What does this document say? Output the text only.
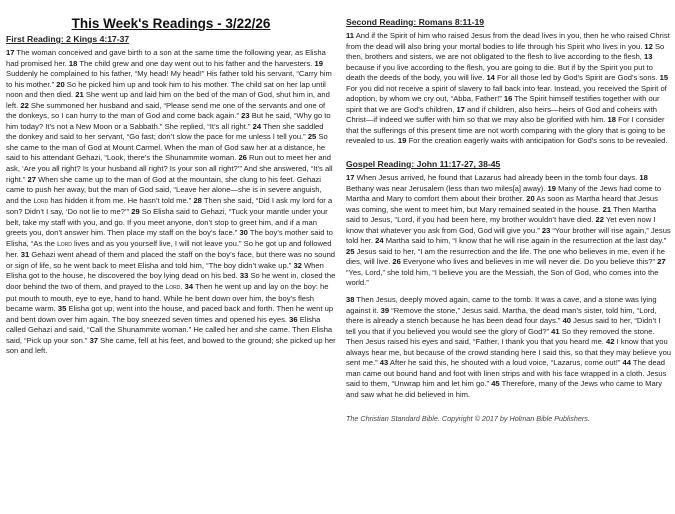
This Week's Readings - 3/22/26
First Reading: 2 Kings 4:17-37

17 The woman conceived and gave birth to a son at the same time the following year, as Elisha had promised her. 18 The child grew and one day went out to his father and the harvesters. 19 Suddenly he complained to his father, “My head! My head!” His father told his servant, “Carry him to his mother.” 20 So he picked him up and took him to his mother. The child sat on her lap until noon and then died. 21 She went up and laid him on the bed of the man of God, shut him in, and left. 22 She summoned her husband and said, “Please send me one of the servants and one of the donkeys, so I can hurry to the man of God and come back again.” 23 But he said, “Why go to him today? It’s not a New Moon or a Sabbath.” She replied, “It’s all right.” 24 Then she saddled the donkey and said to her servant, “Go fast; don’t slow the pace for me unless I tell you.” 25 So she came to the man of God at Mount Carmel. When the man of God saw her at a distance, he said to his attendant Gehazi, “Look, there’s the Shunammite woman. 26 Run out to meet her and ask, ‘Are you all right? Is your husband all right? Is your son all right?’” And she answered, “It’s all right.” 27 When she came up to the man of God at the mountain, she clung to his feet. Gehazi came to push her away, but the man of God said, “Leave her alone—she is in severe anguish, and the Lord has hidden it from me. He hasn’t told me.” 28 Then she said, “Did I ask my lord for a son? Didn’t I say, ‘Do not lie to me?’” 29 So Elisha said to Gehazi, “Tuck your mantle under your belt, take my staff with you, and go. If you meet anyone, don’t stop to greet him, and if a man greets you, don’t answer him. Then place my staff on the boy’s face.” 30 The boy’s mother said to Elisha, “As the Lord lives and as you yourself live, I will not leave you.” So he got up and followed her. 31 Gehazi went ahead of them and placed the staff on the boy’s face, but there was no sound or sign of life, so he went back to meet Elisha and told him, “The boy didn’t wake up.” 32 When Elisha got to the house, he discovered the boy lying dead on his bed. 33 So he went in, closed the door behind the two of them, and prayed to the Lord. 34 Then he went up and lay on the boy: he put mouth to mouth, eye to eye, hand to hand. While he bent down over him, the boy’s flesh became warm. 35 Elisha got up, went into the house, and paced back and forth. Then he went up and bent down over him again. The boy sneezed seven times and opened his eyes. 36 Elisha called Gehazi and said, “Call the Shunammite woman.” He called her and she came. Then Elisha said, “Pick up your son.” 37 She came, fell at his feet, and bowed to the ground; she picked up her son and left.

Second Reading: Romans 8:11-19

11 And if the Spirit of him who raised Jesus from the dead lives in you, then he who raised Christ from the dead will also bring your mortal bodies to life through his Spirit who lives in you. 12 So then, brothers and sisters, we are not obligated to the flesh to live according to the flesh, 13 because if you live according to the flesh, you are going to die. But if by the Spirit you put to death the deeds of the body, you will live. 14 For all those led by God’s Spirit are God’s sons. 15 For you did not receive a spirit of slavery to fall back into fear. Instead, you received the Spirit of adoption, by whom we cry out, “Abba, Father!” 16 The Spirit himself testifies together with our spirit that we are God’s children, 17 and if children, also heirs—heirs of God and coheirs with Christ—if indeed we suffer with him so that we may also be glorified with him. 18 For I consider that the sufferings of this present time are not worth comparing with the glory that is going to be revealed to us. 19 For the creation eagerly waits with anticipation for God’s sons to be revealed.

Gospel Reading: John 11:17-27, 38-45

17 When Jesus arrived, he found that Lazarus had already been in the tomb four days. 18 Bethany was near Jerusalem (less than two miles[a] away). 19 Many of the Jews had come to Martha and Mary to comfort them about their brother. 20 As soon as Martha heard that Jesus was coming, she went to meet him, but Mary remained seated in the house. 21 Then Martha said to Jesus, “Lord, if you had been here, my brother wouldn’t have died. 22 Yet even now I know that whatever you ask from God, God will give you.” 23 “Your brother will rise again,” Jesus told her. 24 Martha said to him, “I know that he will rise again in the resurrection at the last day.” 25 Jesus said to her, “I am the resurrection and the life. The one who believes in me, even if he dies, will live. 26 Everyone who lives and believes in me will never die. Do you believe this?” 27 “Yes, Lord,” she told him, “I believe you are the Messiah, the Son of God, who comes into the world.”

38 Then Jesus, deeply moved again, came to the tomb. It was a cave, and a stone was lying against it. 39 “Remove the stone,” Jesus said. Martha, the dead man’s sister, told him, “Lord, there is already a stench because he has been dead four days.” 40 Jesus said to her, “Didn’t I tell you that if you believed you would see the glory of God?” 41 So they removed the stone. Then Jesus raised his eyes and said, “Father, I thank you that you heard me. 42 I know that you always hear me, but because of the crowd standing here I said this, so that they may believe you sent me.” 43 After he said this, he shouted with a loud voice, “Lazarus, come out!” 44 The dead man came out bound hand and foot with linen strips and with his face wrapped in a cloth. Jesus said to them, “Unwrap him and let him go.” 45 Therefore, many of the Jews who came to Mary and saw what he did believed in him.

The Christian Standard Bible. Copyright © 2017 by Holman Bible Publishers.
